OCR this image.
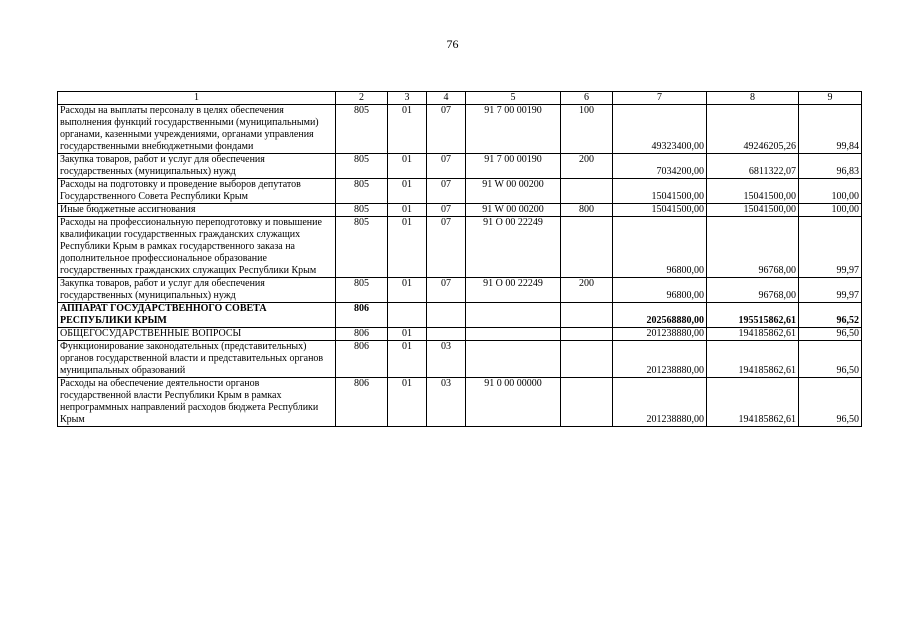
76
1	2	3	4	5	6	7	8	9
Расходы на выплаты персоналу в целях обеспечения выполнения функций государственными (муниципальными) органами, казенными учреждениями, органами управления государственными внебюджетными фондами	805	01	07	91 7 00 00190	100	49323400,00	49246205,26	99,84
Закупка товаров, работ и услуг для обеспечения государственных (муниципальных) нужд	805	01	07	91 7 00 00190	200	7034200,00	6811322,07	96,83
Расходы на подготовку и проведение выборов депутатов Государственного Совета Республики Крым	805	01	07	91 W 00 00200		15041500,00	15041500,00	100,00
Иные бюджетные ассигнования	805	01	07	91 W 00 00200	800	15041500,00	15041500,00	100,00
Расходы на профессиональную переподготовку и повышение квалификации государственных гражданских служащих Республики Крым в рамках государственного заказа на дополнительное профессиональное образование государственных гражданских служащих Республики Крым	805	01	07	91 О 00 22249		96800,00	96768,00	99,97
Закупка товаров, работ и услуг для обеспечения государственных (муниципальных) нужд	805	01	07	91 О 00 22249	200	96800,00	96768,00	99,97
АППАРАТ ГОСУДАРСТВЕННОГО СОВЕТА РЕСПУБЛИКИ КРЫМ	806					202568880,00	195515862,61	96,52
ОБЩЕГОСУДАРСТВЕННЫЕ ВОПРОСЫ	806	01				201238880,00	194185862,61	96,50
Функционирование законодательных (представительных) органов государственной власти и представительных органов муниципальных образований	806	01	03			201238880,00	194185862,61	96,50
Расходы на обеспечение деятельности органов государственной власти Республики Крым в рамках непрограммных направлений расходов бюджета Республики Крым	806	01	03	91 0 00 00000		201238880,00	194185862,61	96,50
